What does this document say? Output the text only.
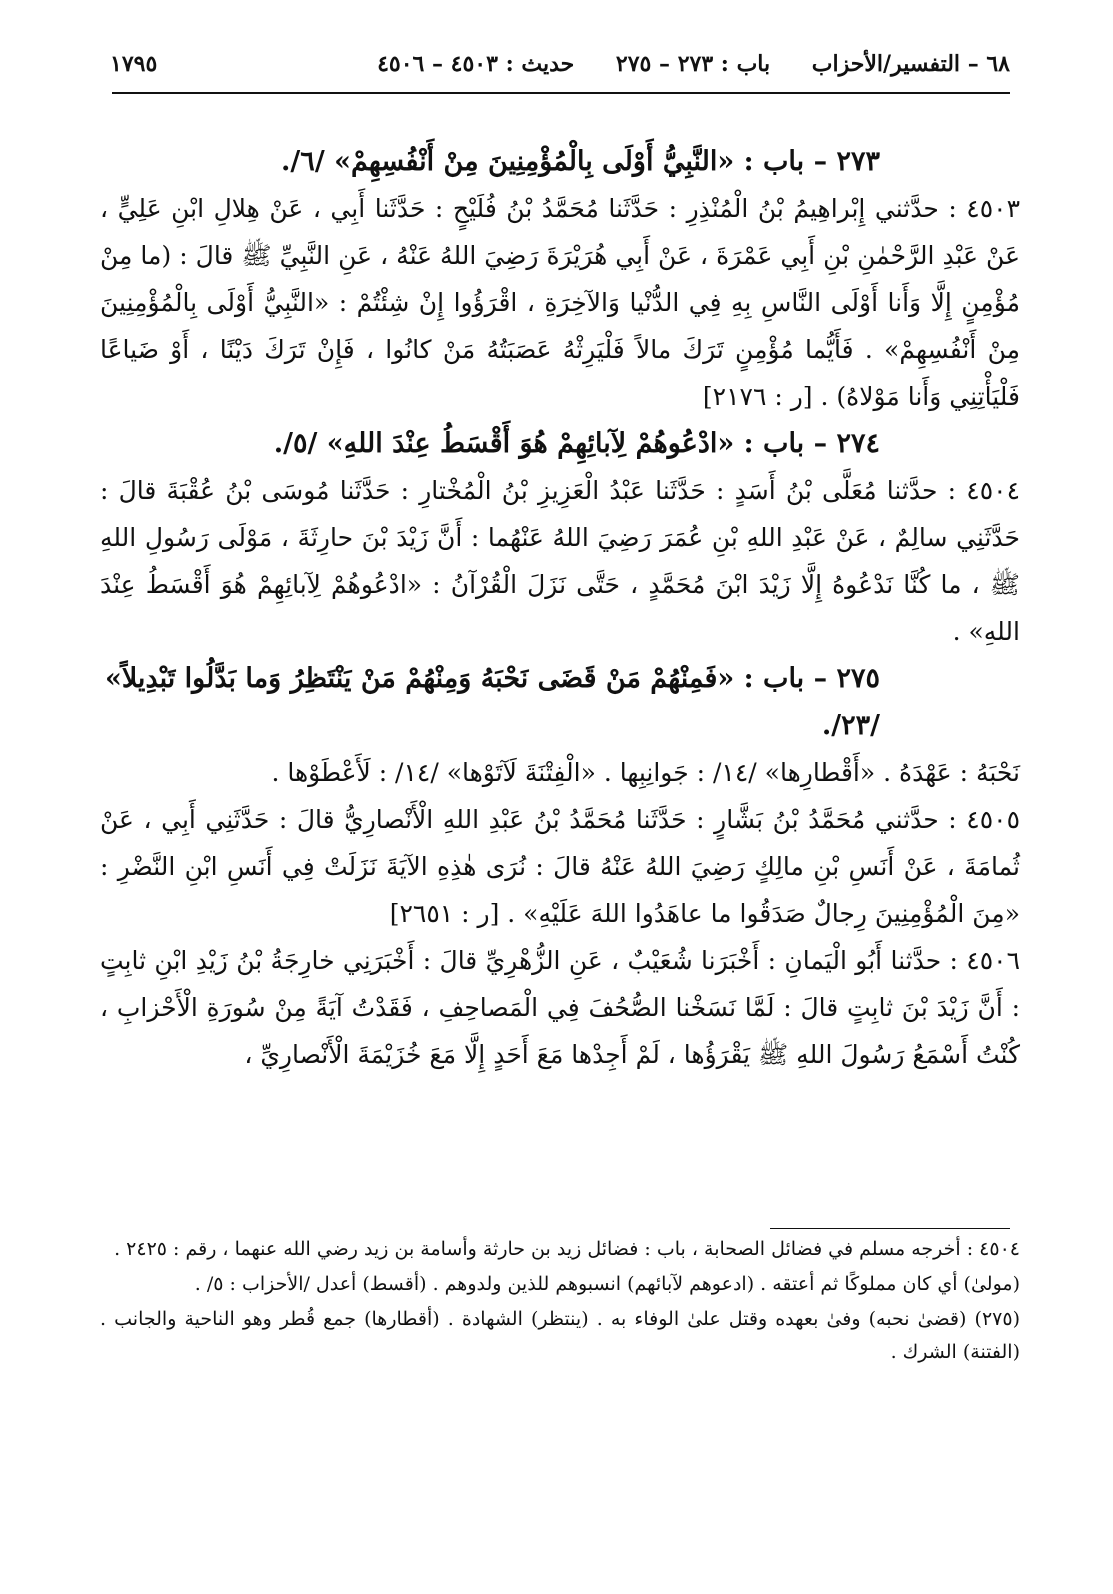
٦٨ – التفسير/الأحزاب باب : ٢٧٣ – ٢٧٥ حديث : ٤٥٠٣ – ٤٥٠٦
١٧٩٥

٢٧٣ – باب : «النَّبِيُّ أَوْلَى بِالْمُؤْمِنِينَ مِنْ أَنْفُسِهِمْ» /٦/.

٤٥٠٣ : حدَّثني إِبْراهِيمُ بْنُ الْمُنْذِرِ : حَدَّثَنا مُحَمَّدُ بْنُ فُلَيْحٍ : حَدَّثَنا أَبِي ، عَنْ هِلالِ ابْنِ عَلِيٍّ ، عَنْ عَبْدِ الرَّحْمٰنِ بْنِ أَبِي عَمْرَةَ ، عَنْ أَبِي هُرَيْرَةَ رَضِيَ اللهُ عَنْهُ ، عَنِ النَّبِيِّ ﷺ قالَ : (ما مِنْ مُؤْمِنٍ إِلَّا وَأَنا أَوْلَى النَّاسِ بِهِ فِي الدُّنْيا وَالآخِرَةِ ، اقْرَؤُوا إِنْ شِئْتُمْ : «النَّبِيُّ أَوْلَى بِالْمُؤْمِنِينَ مِنْ أَنْفُسِهِمْ» . فَأَيُّما مُؤْمِنٍ تَرَكَ مالاً فَلْيَرِثْهُ عَصَبَتُهُ مَنْ كانُوا ، فَإِنْ تَرَكَ دَيْنًا ، أَوْ ضَياعًا فَلْيَأْتِنِي وَأَنا مَوْلاهُ) . [ر : ٢١٧٦]

٢٧٤ – باب : «ادْعُوهُمْ لِآبائِهِمْ هُوَ أَقْسَطُ عِنْدَ اللهِ» /٥/.

٤٥٠٤ : حدَّثنا مُعَلَّى بْنُ أَسَدٍ : حَدَّثَنا عَبْدُ الْعَزِيزِ بْنُ الْمُخْتارِ : حَدَّثَنا مُوسَى بْنُ عُقْبَةَ قالَ : حَدَّثَنِي سالِمٌ ، عَنْ عَبْدِ اللهِ بْنِ عُمَرَ رَضِيَ اللهُ عَنْهُما : أَنَّ زَيْدَ بْنَ حارِثَةَ ، مَوْلَى رَسُولِ اللهِ ﷺ ، ما كُنَّا نَدْعُوهُ إِلَّا زَيْدَ ابْنَ مُحَمَّدٍ ، حَتَّى نَزَلَ الْقُرْآنُ : «ادْعُوهُمْ لِآبائِهِمْ هُوَ أَقْسَطُ عِنْدَ اللهِ» .

٢٧٥ – باب : «فَمِنْهُمْ مَنْ قَضَى نَحْبَهُ وَمِنْهُمْ مَنْ يَنْتَظِرُ وَما بَدَّلُوا تَبْدِيلاً» /٢٣/.

نَحْبَهُ : عَهْدَهُ . «أَقْطارِها» /١٤/ : جَوانِبِها . «الْفِتْنَةَ لَآتَوْها» /١٤/ : لَأَعْطَوْها .

٤٥٠٥ : حدَّثني مُحَمَّدُ بْنُ بَشَّارٍ : حَدَّثَنا مُحَمَّدُ بْنُ عَبْدِ اللهِ الْأَنْصارِيُّ قالَ : حَدَّثَنِي أَبِي ، عَنْ ثُمامَةَ ، عَنْ أَنَسِ بْنِ مالِكٍ رَضِيَ اللهُ عَنْهُ قالَ : نُرَى هٰذِهِ الآيَةَ نَزَلَتْ فِي أَنَسِ ابْنِ النَّضْرِ : «مِنَ الْمُؤْمِنِينَ رِجالٌ صَدَقُوا ما عاهَدُوا اللهَ عَلَيْهِ» . [ر : ٢٦٥١]

٤٥٠٦ : حدَّثنا أَبُو الْيَمانِ : أَخْبَرَنا شُعَيْبٌ ، عَنِ الزُّهْرِيِّ قالَ : أَخْبَرَنِي خارِجَةُ بْنُ زَيْدِ ابْنِ ثابِتٍ : أَنَّ زَيْدَ بْنَ ثابِتٍ قالَ : لَمَّا نَسَخْنا الصُّحُفَ فِي الْمَصاحِفِ ، فَقَدْتُ آيَةً مِنْ سُورَةِ الْأَحْزابِ ، كُنْتُ أَسْمَعُ رَسُولَ اللهِ ﷺ يَقْرَؤُها ، لَمْ أَجِدْها مَعَ أَحَدٍ إِلَّا مَعَ خُزَيْمَةَ الْأَنْصارِيِّ ،

٤٥٠٤ : أخرجه مسلم في فضائل الصحابة ، باب : فضائل زيد بن حارثة وأسامة بن زيد رضي الله عنهما ، رقم : ٢٤٢٥ .

(مولىٰ) أي كان مملوكًا ثم أعتقه . (ادعوهم لآبائهم) انسبوهم للذين ولدوهم . (أقسط) أعدل /الأحزاب : ٥/ .

(٢٧٥) (قضىٰ نحبه) وفىٰ بعهده وقتل علىٰ الوفاء به . (ينتظر) الشهادة . (أقطارها) جمع قُطر وهو الناحية والجانب . (الفتنة) الشرك .
